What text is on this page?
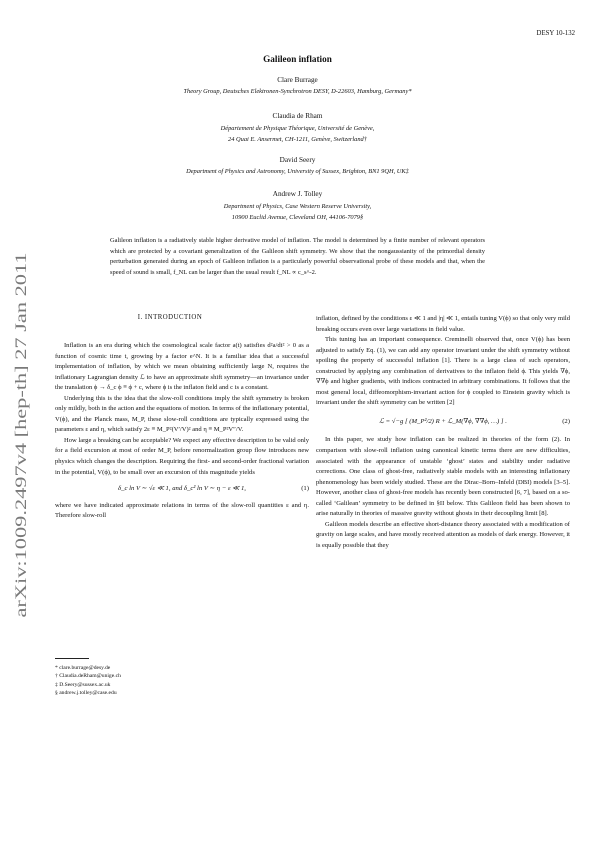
arXiv:1009.2497v4 [hep-th] 27 Jan 2011
DESY 10-132
Galileon inflation
Clare Burrage
Theory Group, Deutsches Elektronen-Synchrotron DESY, D-22603, Hamburg, Germany*
Claudia de Rham
Département de Physique Théorique, Université de Genève,
24 Quai E. Ansermet, CH-1211, Genève, Switzerland†
David Seery
Department of Physics and Astronomy, University of Sussex, Brighton, BN1 9QH, UK‡
Andrew J. Tolley
Department of Physics, Case Western Reserve University,
10900 Euclid Avenue, Cleveland OH, 44106-7079§
Galileon inflation is a radiatively stable higher derivative model of inflation. The model is determined by a finite number of relevant operators which are protected by a covariant generalization of the Galileon shift symmetry. We show that the nongaussianity of the primordial density perturbation generated during an epoch of Galileon inflation is a particularly powerful observational probe of these models and that, when the speed of sound is small, f_NL can be larger than the usual result f_NL ∝ c_s^-2.
I. INTRODUCTION

Inflation is an era during which the cosmological scale factor a(t) satisfies d²a/dt² > 0 as a function of cosmic time t, growing by a factor e^N. It is a familiar idea that a successful implementation of inflation, by which we mean obtaining sufficiently large N, requires the inflationary Lagrangian density ℒ to have an approximate shift symmetry—an invariance under the translation ϕ → δ_c ϕ ≡ ϕ + c, where ϕ is the inflaton field and c is a constant.

Underlying this is the idea that the slow-roll conditions imply the shift symmetry is broken only mildly, both in the action and the equations of motion. In terms of the inflationary potential, V(ϕ), and the Planck mass, M_P, these slow-roll conditions are typically expressed using the parameters ε and η, which satisfy 2ε ≡ M_P²(V′/V)² and η ≡ M_P²V″/V.

How large a breaking can be acceptable? We expect any effective description to be valid only for a field excursion at most of order M_P, before renormalization group flow introduces new physics which changes the description. Requiring the first- and second-order fractional variation in the potential, V(ϕ), to be small over an excursion of this magnitude yields

δ_c ln V ∼ √ε ≪ 1, and δ_c² ln V ∼ η − ε ≪ 1,	(1)

where we have indicated approximate relations in terms of the slow-roll quantities ε and η. Therefore slow-roll

inflation, defined by the conditions ε ≪ 1 and |η| ≪ 1, entails tuning V(ϕ) so that only very mild breaking occurs even over large variations in field value.

This tuning has an important consequence. Creminelli observed that, once V(ϕ) has been adjusted to satisfy Eq. (1), we can add any operator invariant under the shift symmetry without spoiling the property of successful inflation [1]. There is a large class of such operators, constructed by applying any combination of derivatives to the inflaton field ϕ. This yields ∇ϕ, ∇∇ϕ and higher gradients, with indices contracted in arbitrary combinations. It follows that the most general local, diffeomorphism-invariant action for ϕ coupled to Einstein gravity which is invariant under the shift symmetry can be written [2]

ℒ = √−g [ (M_P²/2) R + ℒ_M(∇ϕ, ∇∇ϕ, …) ] .	(2)

In this paper, we study how inflation can be realized in theories of the form (2). In comparison with slow-roll inflation using canonical kinetic terms there are new difficulties, associated with the appearance of unstable ‘ghost’ states and stability under radiative corrections. One class of ghost-free, radiatively stable models with an interesting inflationary phenomenology has been widely studied. These are the Dirac–Born–Infeld (DBI) models [3–5]. However, another class of ghost-free models has recently been constructed [6, 7], based on a so-called ‘Galilean’ symmetry to be defined in §II below. This Galileon field has been shown to arise naturally in theories of massive gravity without ghosts in their decoupling limit [8].

Galileon models describe an effective short-distance theory associated with a modification of gravity on large scales, and have mostly received attention as models of dark energy. However, it is equally possible that they

* clare.burrage@desy.de
† Claudia.deRham@unige.ch
‡ D.Seery@sussex.ac.uk
§ andrew.j.tolley@case.edu
